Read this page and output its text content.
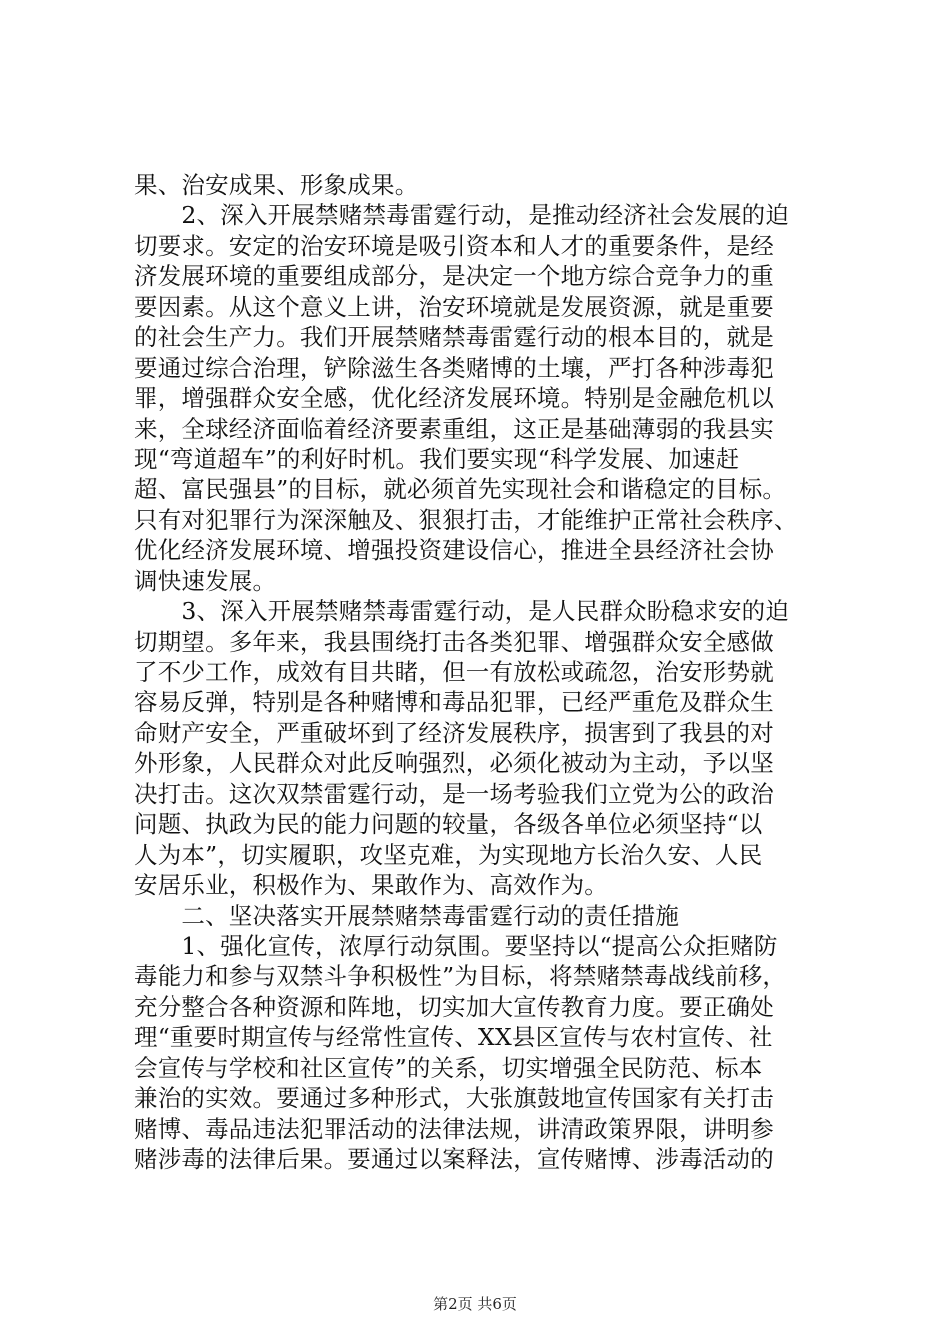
果、治安成果、形象成果。
　　2、深入开展禁赌禁毒雷霆行动，是推动经济社会发展的迫
切要求。安定的治安环境是吸引资本和人才的重要条件，是经
济发展环境的重要组成部分，是决定一个地方综合竞争力的重
要因素。从这个意义上讲，治安环境就是发展资源，就是重要
的社会生产力。我们开展禁赌禁毒雷霆行动的根本目的，就是
要通过综合治理，铲除滋生各类赌博的土壤，严打各种涉毒犯
罪，增强群众安全感，优化经济发展环境。特别是金融危机以
来，全球经济面临着经济要素重组，这正是基础薄弱的我县实
现“弯道超车”的利好时机。我们要实现“科学发展、加速赶
超、富民强县”的目标，就必须首先实现社会和谐稳定的目标。
只有对犯罪行为深深触及、狠狠打击，才能维护正常社会秩序、
优化经济发展环境、增强投资建设信心，推进全县经济社会协
调快速发展。
　　3、深入开展禁赌禁毒雷霆行动，是人民群众盼稳求安的迫
切期望。多年来，我县围绕打击各类犯罪、增强群众安全感做
了不少工作，成效有目共睹，但一有放松或疏忽，治安形势就
容易反弹，特别是各种赌博和毒品犯罪，已经严重危及群众生
命财产安全，严重破坏到了经济发展秩序，损害到了我县的对
外形象，人民群众对此反响强烈，必须化被动为主动，予以坚
决打击。这次双禁雷霆行动，是一场考验我们立党为公的政治
问题、执政为民的能力问题的较量，各级各单位必须坚持“以
人为本”，切实履职，攻坚克难，为实现地方长治久安、人民
安居乐业，积极作为、果敢作为、高效作为。
　　二、坚决落实开展禁赌禁毒雷霆行动的责任措施
　　1、强化宣传，浓厚行动氛围。要坚持以“提高公众拒赌防
毒能力和参与双禁斗争积极性”为目标，将禁赌禁毒战线前移，
充分整合各种资源和阵地，切实加大宣传教育力度。要正确处
理“重要时期宣传与经常性宣传、XX县区宣传与农村宣传、社
会宣传与学校和社区宣传”的关系，切实增强全民防范、标本
兼治的实效。要通过多种形式，大张旗鼓地宣传国家有关打击
赌博、毒品违法犯罪活动的法律法规，讲清政策界限，讲明参
赌涉毒的法律后果。要通过以案释法，宣传赌博、涉毒活动的
第2页 共6页
